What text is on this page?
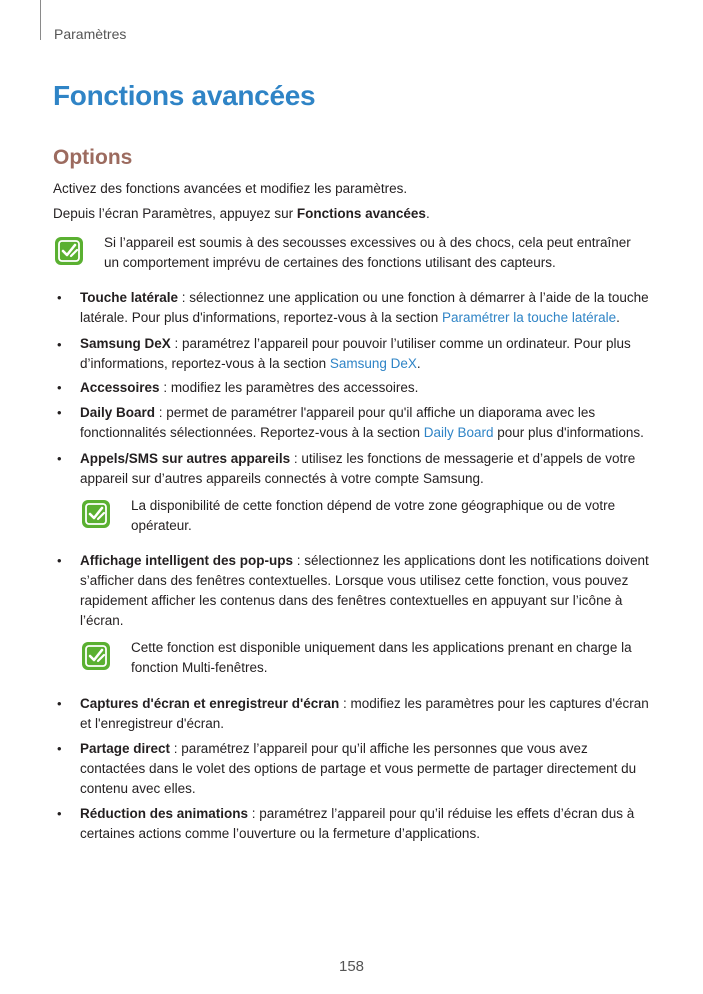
Paramètres
Fonctions avancées
Options
Activez des fonctions avancées et modifiez les paramètres.
Depuis l’écran Paramètres, appuyez sur Fonctions avancées.
Si l’appareil est soumis à des secousses excessives ou à des chocs, cela peut entraîner un comportement imprévu de certaines des fonctions utilisant des capteurs.
• Touche latérale : sélectionnez une application ou une fonction à démarrer à l’aide de la touche latérale. Pour plus d'informations, reportez-vous à la section Paramétrer la touche latérale.
• Samsung DeX : paramétrez l’appareil pour pouvoir l’utiliser comme un ordinateur. Pour plus d’informations, reportez-vous à la section Samsung DeX.
• Accessoires : modifiez les paramètres des accessoires.
• Daily Board : permet de paramétrer l'appareil pour qu'il affiche un diaporama avec les fonctionnalités sélectionnées. Reportez-vous à la section Daily Board pour plus d'informations.
• Appels/SMS sur autres appareils : utilisez les fonctions de messagerie et d’appels de votre appareil sur d’autres appareils connectés à votre compte Samsung.
La disponibilité de cette fonction dépend de votre zone géographique ou de votre opérateur.
• Affichage intelligent des pop-ups : sélectionnez les applications dont les notifications doivent s’afficher dans des fenêtres contextuelles. Lorsque vous utilisez cette fonction, vous pouvez rapidement afficher les contenus dans des fenêtres contextuelles en appuyant sur l’icône à l’écran.
Cette fonction est disponible uniquement dans les applications prenant en charge la fonction Multi-fenêtres.
• Captures d'écran et enregistreur d'écran : modifiez les paramètres pour les captures d'écran et l'enregistreur d'écran.
• Partage direct : paramétrez l’appareil pour qu’il affiche les personnes que vous avez contactées dans le volet des options de partage et vous permette de partager directement du contenu avec elles.
• Réduction des animations : paramétrez l’appareil pour qu’il réduise les effets d’écran dus à certaines actions comme l’ouverture ou la fermeture d’applications.
158
